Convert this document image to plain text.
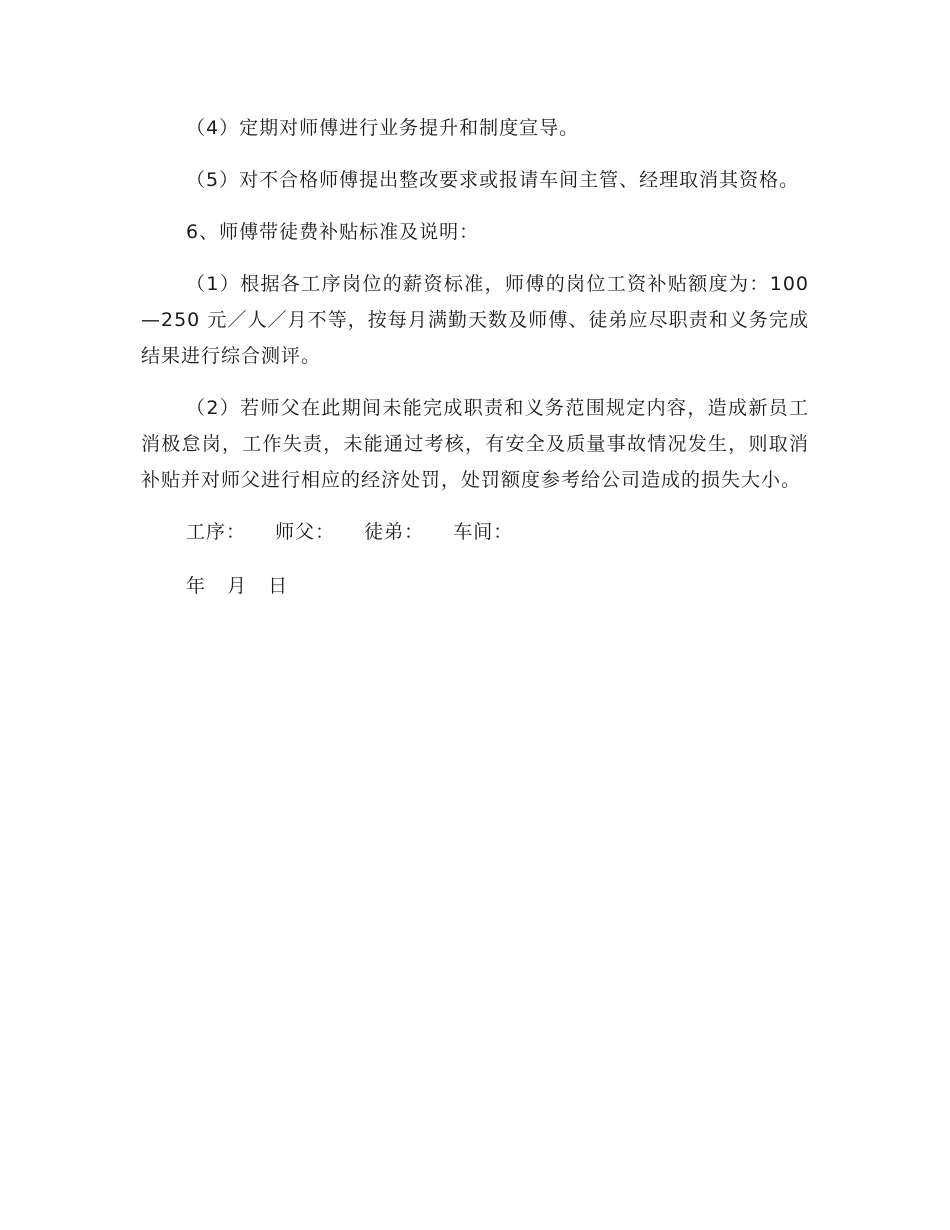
（4）定期对师傅进行业务提升和制度宣导。

（5）对不合格师傅提出整改要求或报请车间主管、经理取消其资格。

6、师傅带徒费补贴标准及说明：

（1）根据各工序岗位的薪资标准，师傅的岗位工资补贴额度为：100—250 元／人／月不等，按每月满勤天数及师傅、徒弟应尽职责和义务完成结果进行综合测评。

（2）若师父在此期间未能完成职责和义务范围规定内容，造成新员工消极怠岗，工作失责，未能通过考核，有安全及质量事故情况发生，则取消补贴并对师父进行相应的经济处罚，处罚额度参考给公司造成的损失大小。

工序： 师父： 徒弟： 车间：
年 月 日
